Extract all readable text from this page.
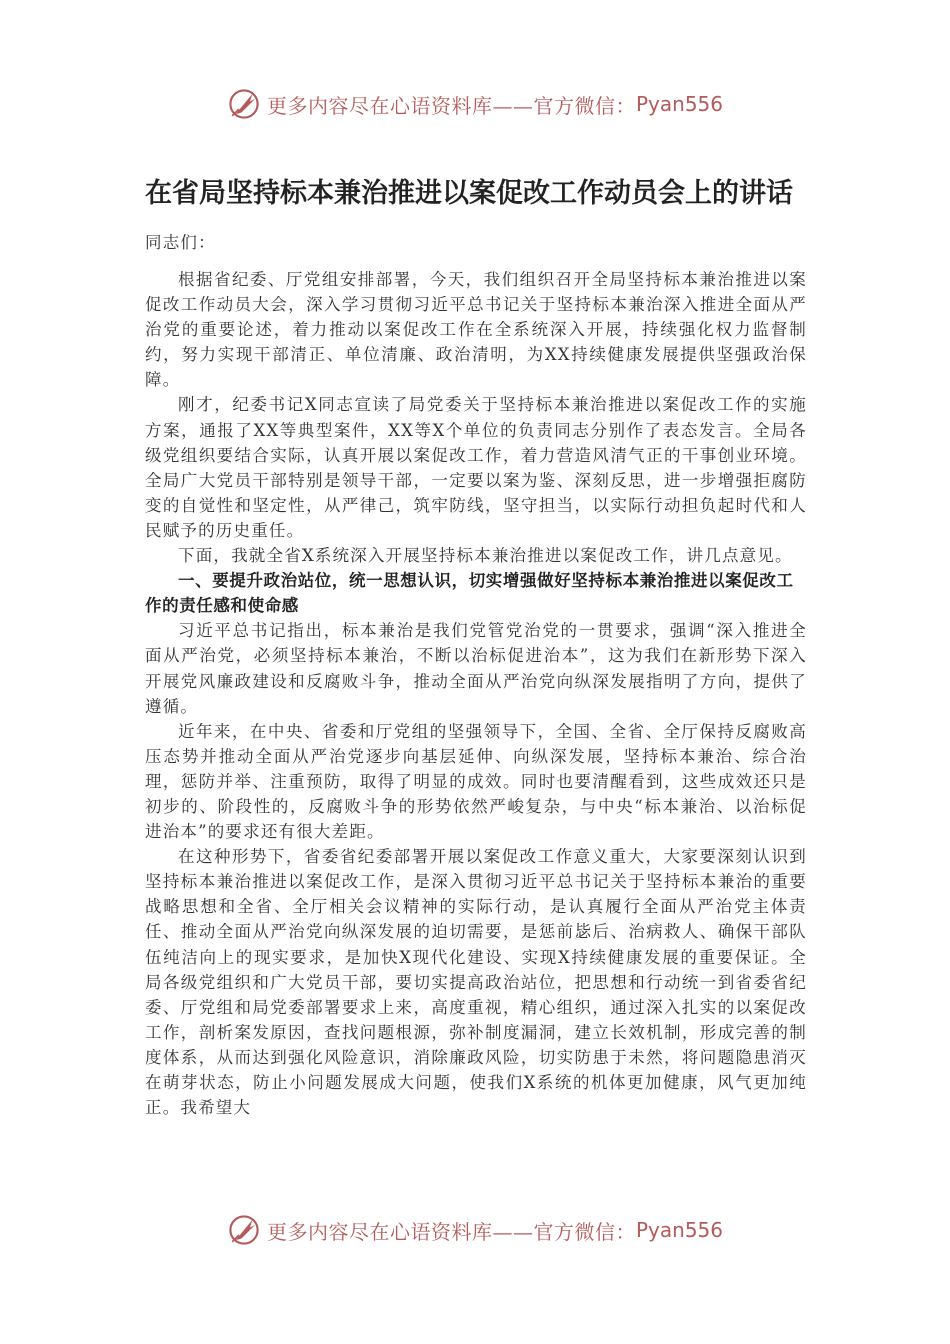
更多内容尽在心语资料库——官方微信： Pyan556
在省局坚持标本兼治推进以案促改工作动员会上的讲话
同志们：

根据省纪委、厅党组安排部署，今天，我们组织召开全局坚持标本兼治推进以案促改工作动员大会，深入学习贯彻习近平总书记关于坚持标本兼治深入推进全面从严治党的重要论述，着力推动以案促改工作在全系统深入开展，持续强化权力监督制约，努力实现干部清正、单位清廉、政治清明，为XX持续健康发展提供坚强政治保障。

刚才，纪委书记X同志宣读了局党委关于坚持标本兼治推进以案促改工作的实施方案，通报了XX等典型案件，XX等X个单位的负责同志分别作了表态发言。全局各级党组织要结合实际，认真开展以案促改工作，着力营造风清气正的干事创业环境。全局广大党员干部特别是领导干部，一定要以案为鉴、深刻反思，进一步增强拒腐防变的自觉性和坚定性，从严律己，筑牢防线，坚守担当，以实际行动担负起时代和人民赋予的历史重任。

下面，我就全省X系统深入开展坚持标本兼治推进以案促改工作，讲几点意见。

一、要提升政治站位，统一思想认识，切实增强做好坚持标本兼治推进以案促改工作的责任感和使命感

习近平总书记指出，标本兼治是我们党管党治党的一贯要求，强调“深入推进全面从严治党，必须坚持标本兼治，不断以治标促进治本”，这为我们在新形势下深入开展党风廉政建设和反腐败斗争，推动全面从严治党向纵深发展指明了方向，提供了遵循。

近年来，在中央、省委和厅党组的坚强领导下，全国、全省、全厅保持反腐败高压态势并推动全面从严治党逐步向基层延伸、向纵深发展，坚持标本兼治、综合治理，惩防并举、注重预防，取得了明显的成效。同时也要清醒看到，这些成效还只是初步的、阶段性的，反腐败斗争的形势依然严峻复杂，与中央“标本兼治、以治标促进治本”的要求还有很大差距。

在这种形势下，省委省纪委部署开展以案促改工作意义重大，大家要深刻认识到坚持标本兼治推进以案促改工作，是深入贯彻习近平总书记关于坚持标本兼治的重要战略思想和全省、全厅相关会议精神的实际行动，是认真履行全面从严治党主体责任、推动全面从严治党向纵深发展的迫切需要，是惩前毖后、治病救人、确保干部队伍纯洁向上的现实要求，是加快X现代化建设、实现X持续健康发展的重要保证。全局各级党组织和广大党员干部，要切实提高政治站位，把思想和行动统一到省委省纪委、厅党组和局党委部署要求上来，高度重视，精心组织，通过深入扎实的以案促改工作，剖析案发原因，查找问题根源，弥补制度漏洞，建立长效机制，形成完善的制度体系，从而达到强化风险意识，消除廉政风险，切实防患于未然，将问题隐患消灭在萌芽状态，防止小问题发展成大问题，使我们X系统的机体更加健康，风气更加纯正。我希望大

更多内容尽在心语资料库——官方微信： Pyan556
